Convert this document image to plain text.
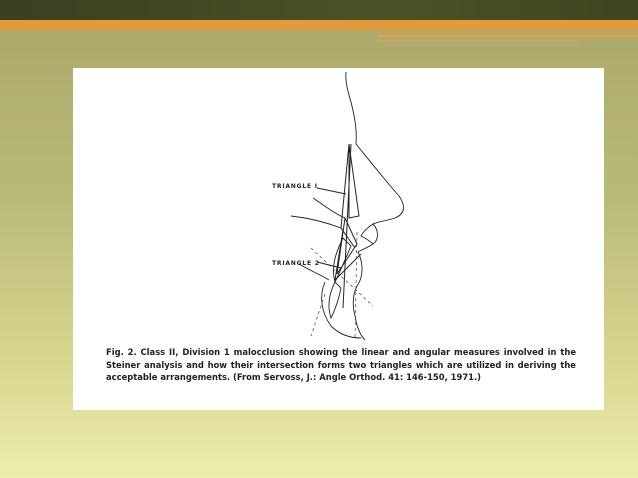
TRIANGLE I
TRIANGLE 2
Fig. 2. Class II, Division 1 malocclusion showing the linear and angular measures involved in the Steiner analysis and how their intersection forms two triangles which are utilized in deriving the acceptable arrangements. (From Servoss, J.: Angle Orthod. 41: 146-150, 1971.)
